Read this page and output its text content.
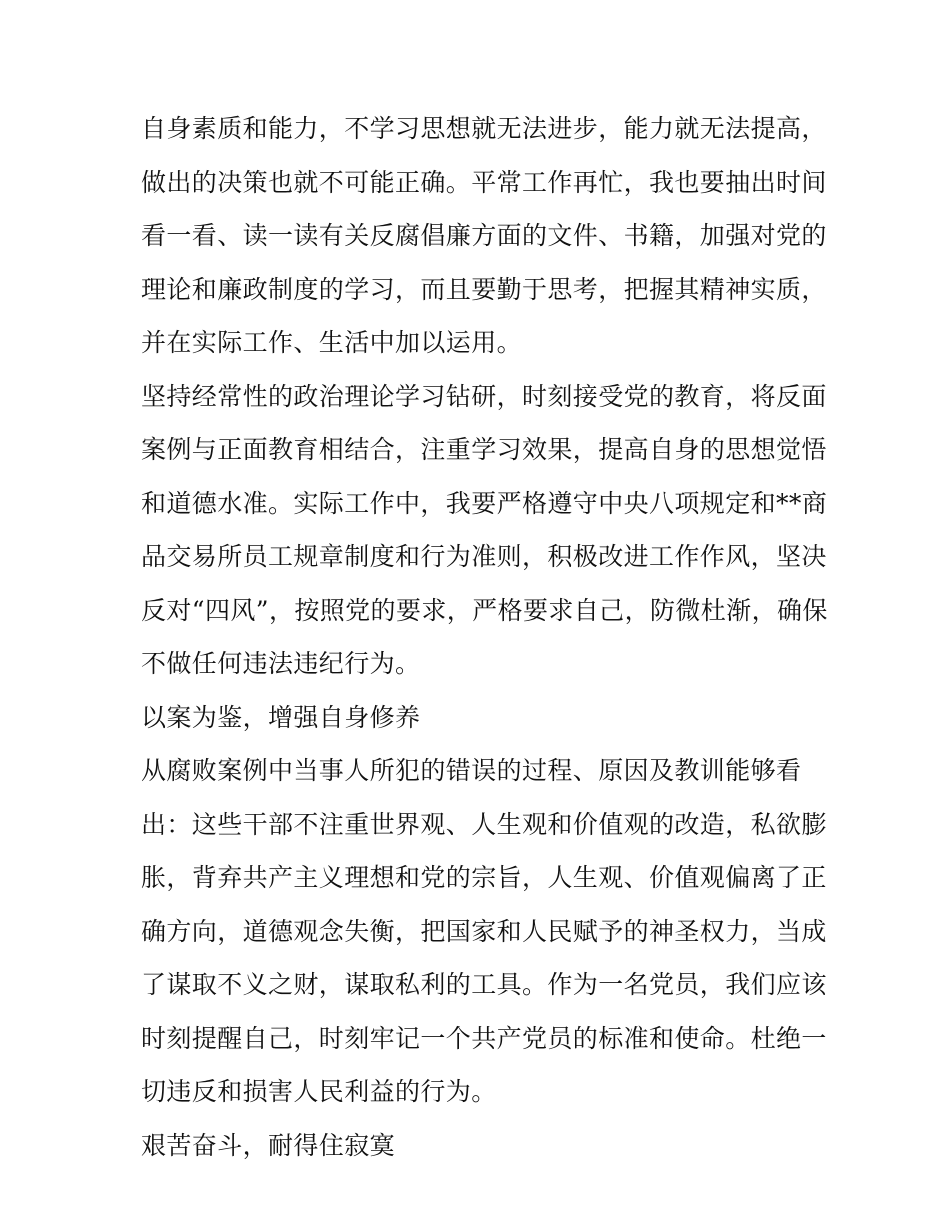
自身素质和能力，不学习思想就无法进步，能力就无法提高，
做出的决策也就不可能正确。平常工作再忙，我也要抽出时间
看一看、读一读有关反腐倡廉方面的文件、书籍，加强对党的
理论和廉政制度的学习，而且要勤于思考，把握其精神实质，
并在实际工作、生活中加以运用。
坚持经常性的政治理论学习钻研，时刻接受党的教育，将反面
案例与正面教育相结合，注重学习效果，提高自身的思想觉悟
和道德水准。实际工作中，我要严格遵守中央八项规定和**商
品交易所员工规章制度和行为准则，积极改进工作作风，坚决
反对“四风”，按照党的要求，严格要求自己，防微杜渐，确保
不做任何违法违纪行为。
以案为鉴，增强自身修养
从腐败案例中当事人所犯的错误的过程、原因及教训能够看
出：这些干部不注重世界观、人生观和价值观的改造，私欲膨
胀，背弃共产主义理想和党的宗旨，人生观、价值观偏离了正
确方向，道德观念失衡，把国家和人民赋予的神圣权力，当成
了谋取不义之财，谋取私利的工具。作为一名党员，我们应该
时刻提醒自己，时刻牢记一个共产党员的标准和使命。杜绝一
切违反和损害人民利益的行为。
艰苦奋斗，耐得住寂寞
